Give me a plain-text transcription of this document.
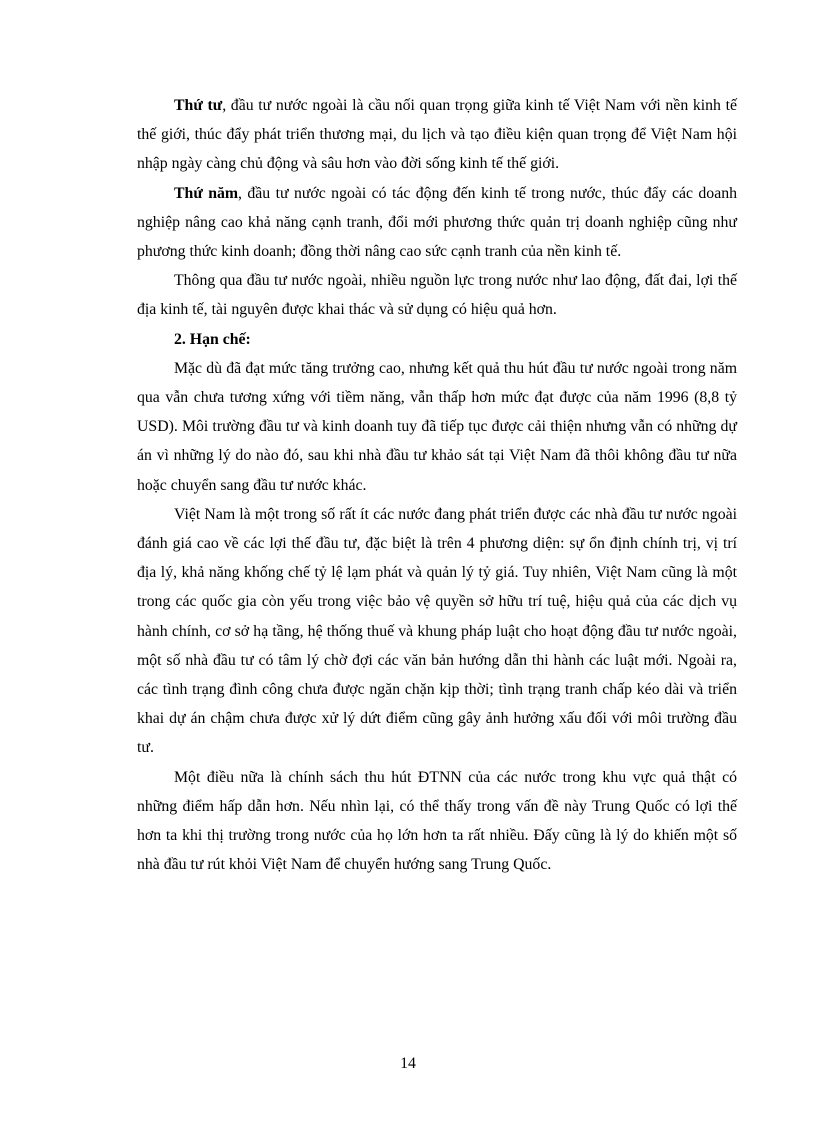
Thứ tư, đầu tư nước ngoài là cầu nối quan trọng giữa kinh tế Việt Nam với nền kinh tế thế giới, thúc đẩy phát triển thương mại, du lịch và tạo điều kiện quan trọng để Việt Nam hội nhập ngày càng chủ động và sâu hơn vào đời sống kinh tế thế giới.

Thứ năm, đầu tư nước ngoài có tác động đến kinh tế trong nước, thúc đẩy các doanh nghiệp nâng cao khả năng cạnh tranh, đổi mới phương thức quản trị doanh nghiệp cũng như phương thức kinh doanh; đồng thời nâng cao sức cạnh tranh của nền kinh tế.

Thông qua đầu tư nước ngoài, nhiều nguồn lực trong nước như lao động, đất đai, lợi thế địa kinh tế, tài nguyên được khai thác và sử dụng có hiệu quả hơn.

2. Hạn chế:

Mặc dù đã đạt mức tăng trưởng cao, nhưng kết quả thu hút đầu tư nước ngoài trong năm qua vẫn chưa tương xứng với tiềm năng, vẫn thấp hơn mức đạt được của năm 1996 (8,8 tỷ USD). Môi trường đầu tư và kinh doanh tuy đã tiếp tục được cải thiện nhưng vẫn có những dự án vì những lý do nào đó, sau khi nhà đầu tư khảo sát tại Việt Nam đã thôi không đầu tư nữa hoặc chuyển sang đầu tư nước khác.

Việt Nam là một trong số rất ít các nước đang phát triển được các nhà đầu tư nước ngoài đánh giá cao về các lợi thế đầu tư, đặc biệt là trên 4 phương diện: sự ổn định chính trị, vị trí địa lý, khả năng khống chế tỷ lệ lạm phát và quản lý tỷ giá. Tuy nhiên, Việt Nam cũng là một trong các quốc gia còn yếu trong việc bảo vệ quyền sở hữu trí tuệ, hiệu quả của các dịch vụ hành chính, cơ sở hạ tầng, hệ thống thuế và khung pháp luật cho hoạt động đầu tư nước ngoài, một số nhà đầu tư có tâm lý chờ đợi các văn bản hướng dẫn thi hành các luật mới. Ngoài ra, các tình trạng đình công chưa được ngăn chặn kịp thời; tình trạng tranh chấp kéo dài và triển khai dự án chậm chưa được xử lý dứt điểm cũng gây ảnh hưởng xấu đối với môi trường đầu tư.

Một điều nữa là chính sách thu hút ĐTNN của các nước trong khu vực quả thật có những điểm hấp dẫn hơn. Nếu nhìn lại, có thể thấy trong vấn đề này Trung Quốc có lợi thế hơn ta khi thị trường trong nước của họ lớn hơn ta rất nhiều. Đấy cũng là lý do khiến một số nhà đầu tư rút khỏi Việt Nam để chuyển hướng sang Trung Quốc.

14
